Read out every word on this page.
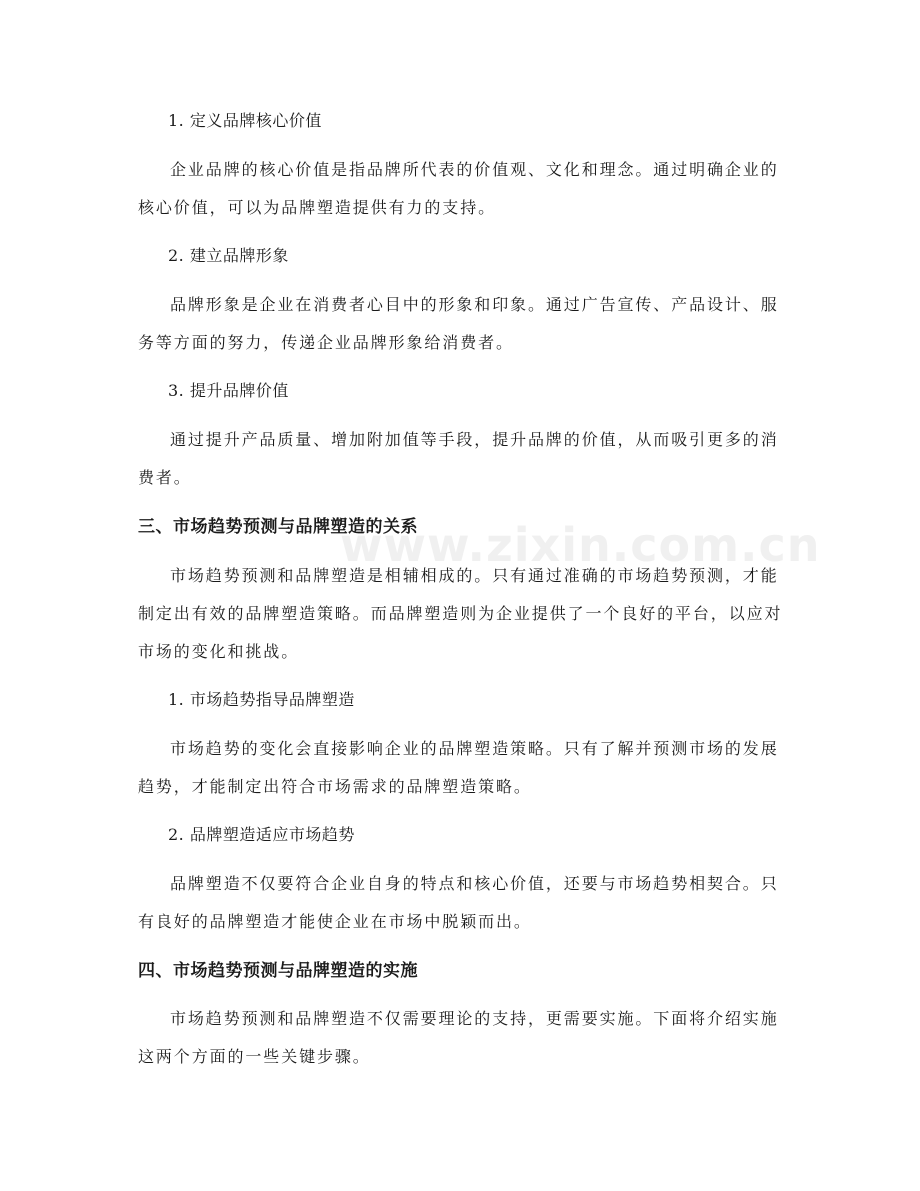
1. 定义品牌核心价值
企业品牌的核心价值是指品牌所代表的价值观、文化和理念。通过明确企业的
核心价值，可以为品牌塑造提供有力的支持。
2. 建立品牌形象
品牌形象是企业在消费者心目中的形象和印象。通过广告宣传、产品设计、服
务等方面的努力，传递企业品牌形象给消费者。
3. 提升品牌价值
通过提升产品质量、增加附加值等手段，提升品牌的价值，从而吸引更多的消
费者。
三、市场趋势预测与品牌塑造的关系
市场趋势预测和品牌塑造是相辅相成的。只有通过准确的市场趋势预测，才能
制定出有效的品牌塑造策略。而品牌塑造则为企业提供了一个良好的平台，以应对
市场的变化和挑战。
1. 市场趋势指导品牌塑造
市场趋势的变化会直接影响企业的品牌塑造策略。只有了解并预测市场的发展
趋势，才能制定出符合市场需求的品牌塑造策略。
2. 品牌塑造适应市场趋势
品牌塑造不仅要符合企业自身的特点和核心价值，还要与市场趋势相契合。只
有良好的品牌塑造才能使企业在市场中脱颖而出。
四、市场趋势预测与品牌塑造的实施
市场趋势预测和品牌塑造不仅需要理论的支持，更需要实施。下面将介绍实施
这两个方面的一些关键步骤。
www.zixin.com.cn
